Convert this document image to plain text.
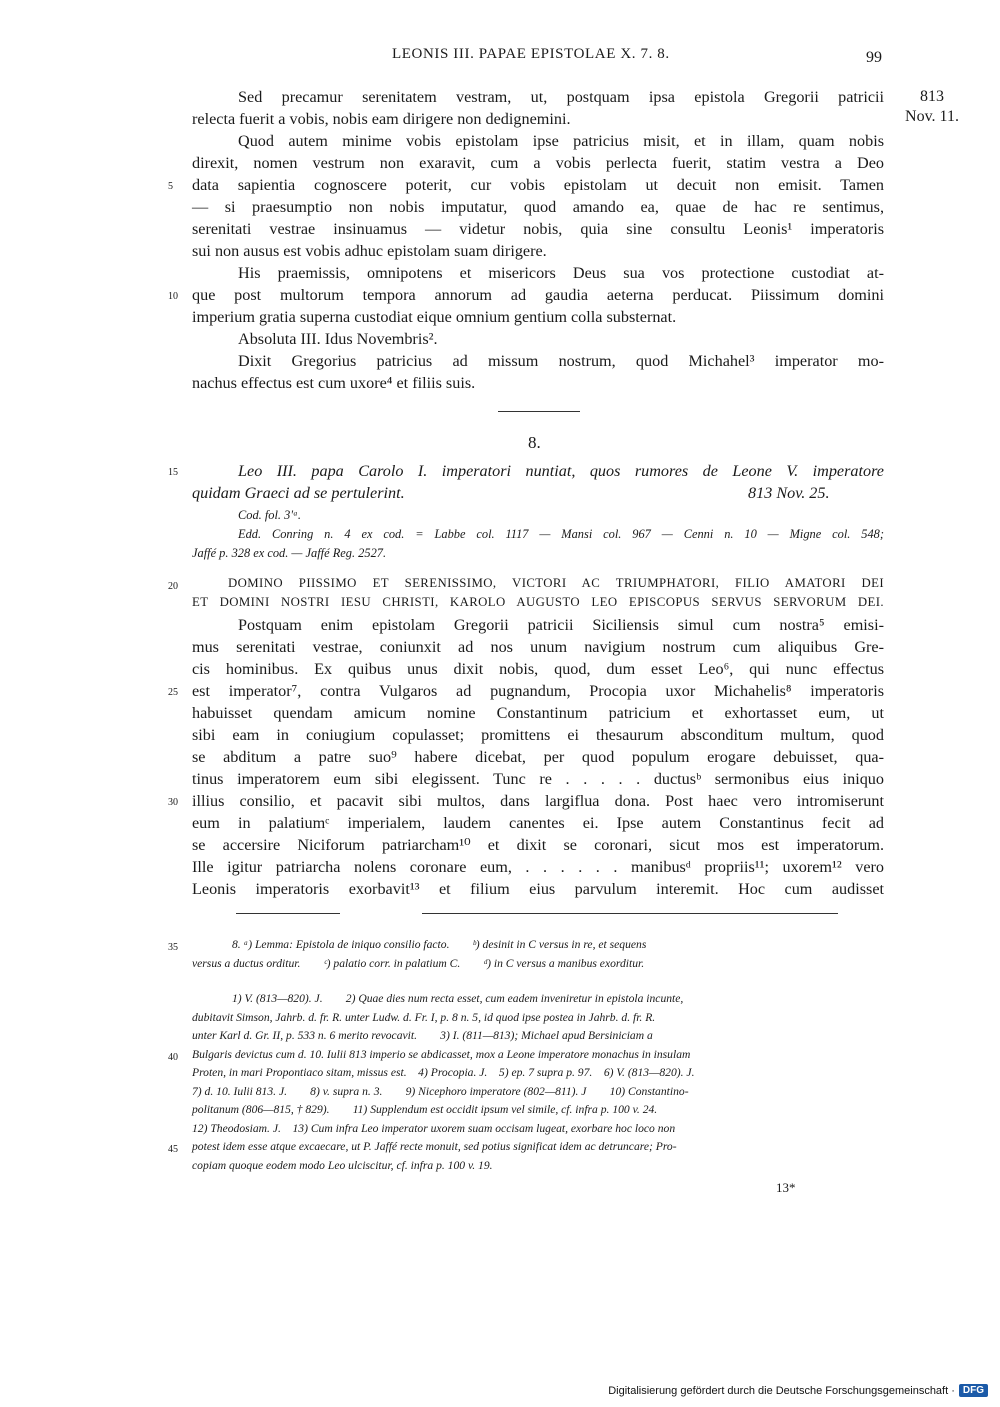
LEONIS III. PAPAE EPISTOLAE X. 7. 8.	99
813
Nov. 11.
Sed precamur serenitatem vestram, ut, postquam ipsa epistola Gregorii patricii
relecta fuerit a vobis, nobis eam dirigere non dedignemini.
Quod autem minime vobis epistolam ipse patricius misit, et in illam, quam nobis
direxit, nomen vestrum non exaravit, cum a vobis perlecta fuerit, statim vestra a Deo
data sapientia cognoscere poterit, cur vobis epistolam ut decuit non emisit. Tamen
— si praesumptio non nobis imputatur, quod amando ea, quae de hac re sentimus,
serenitati vestrae insinuamus — videtur nobis, quia sine consultu Leonis¹ imperatoris
sui non ausus est vobis adhuc epistolam suam dirigere.
His praemissis, omnipotens et misericors Deus sua vos protectione custodiat at-
que post multorum tempora annorum ad gaudia aeterna perducat. Piissimum domini
imperium gratia superna custodiat eique omnium gentium colla substernat.
Absoluta III. Idus Novembris².
Dixit Gregorius patricius ad missum nostrum, quod Michahel³ imperator mo-
nachus effectus est cum uxore⁴ et filiis suis.
8.
Leo III. papa Carolo I. imperatori nuntiat, quos rumores de Leone V. imperatore
quidam Graeci ad se pertulerint.	813 Nov. 25.
Cod. fol. 3'ᵃ.
Edd. Conring n. 4 ex cod. = Labbe col. 1117 — Mansi col. 967 — Cenni n. 10 — Migne col. 548;
Jaffé p. 328 ex cod. — Jaffé Reg. 2527.
DOMINO PIISSIMO ET SERENISSIMO, VICTORI AC TRIUMPHATORI, FILIO AMATORI DEI
ET DOMINI NOSTRI IESU CHRISTI, KAROLO AUGUSTO LEO EPISCOPUS SERVUS SERVORUM DEI.
Postquam enim epistolam Gregorii patricii Siciliensis simul cum nostra⁵ emisi-
mus serenitati vestrae, coniunxit ad nos unum navigium nostrum cum aliquibus Gre-
cis hominibus. Ex quibus unus dixit nobis, quod, dum esset Leo⁶, qui nunc effectus
est imperator⁷, contra Vulgaros ad pugnandum, Procopia uxor Michahelis⁸ imperatoris
habuisset quendam amicum nomine Constantinum patricium et exhortasset eum, ut
sibi eam in coniugium copulasset; promittens ei thesaurum absconditum multum, quod
se abditum a patre suo⁹ habere dicebat, per quod populum erogare debuisset, qua-
tinus imperatorem eum sibi elegissent. Tunc re . . . . . ductusᵇ sermonibus eius iniquo
illius consilio, et pacavit sibi multos, dans largiflua dona. Post haec vero intromiserunt
eum in palatiumᶜ imperialem, laudem canentes ei. Ipse autem Constantinus fecit ad
se accersire Niciforum patriarcham¹⁰ et dixit se coronari, sicut mos est imperatorum.
Ille igitur patriarcha nolens coronare eum, . . . . . . manibusᵈ propriis¹¹; uxorem¹² vero
Leonis imperatoris exorbavit¹³ et filium eius parvulum interemit. Hoc cum audisset
5
10
15
20
25
30
35
40
45
8. ᵃ) Lemma: Epistola de iniquo consilio facto.        ᵇ) desinit in C versus in re, et sequens
versus a ductus orditur.        ᶜ) palatio corr. in palatium C.        ᵈ) in C versus a manibus exorditur.
1) V. (813—820). J.        2) Quae dies num recta esset, cum eadem inveniretur in epistola incunte,
dubitavit Simson, Jahrb. d. fr. R. unter Ludw. d. Fr. I, p. 8 n. 5, id quod ipse postea in Jahrb. d. fr. R.
unter Karl d. Gr. II, p. 533 n. 6 merito revocavit.        3) I. (811—813); Michael apud Bersiniciam a
Bulgaris devictus cum d. 10. Iulii 813 imperio se abdicasset, mox a Leone imperatore monachus in insulam
Proten, in mari Propontiaco sitam, missus est.    4) Procopia. J.    5) ep. 7 supra p. 97.    6) V. (813—820). J.
7) d. 10. Iulii 813. J.        8) v. supra n. 3.        9) Nicephoro imperatore (802—811). J        10) Constantino-
politanum (806—815, † 829).        11) Supplendum est occidit ipsum vel simile, cf. infra p. 100 v. 24.
12) Theodosiam. J.    13) Cum infra Leo imperator uxorem suam occisam lugeat, exorbare hoc loco non
potest idem esse atque excaecare, ut P. Jaffé recte monuit, sed potius significat idem ac detruncare; Pro-
copiam quoque eodem modo Leo ulciscitur, cf. infra p. 100 v. 19.
13*
Digitalisierung gefördert durch die Deutsche Forschungsgemeinschaft · DFG
